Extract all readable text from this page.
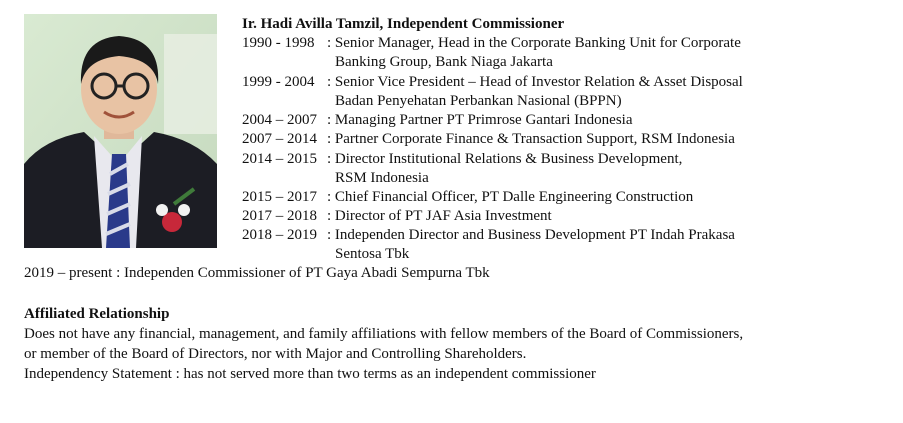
Ir. Hadi Avilla Tamzil, Independent Commissioner
1990 - 1998 : Senior Manager, Head in the Corporate Banking Unit for Corporate
Banking Group, Bank Niaga Jakarta
1999 - 2004 : Senior Vice President – Head of Investor Relation & Asset Disposal
Badan Penyehatan Perbankan Nasional (BPPN)
2004 – 2007 : Managing Partner PT Primrose Gantari Indonesia
2007 – 2014 : Partner Corporate Finance & Transaction Support, RSM Indonesia
2014 – 2015 : Director Institutional Relations & Business Development,
RSM Indonesia
2015 – 2017 : Chief Financial Officer, PT Dalle Engineering Construction
2017 – 2018 : Director of PT JAF Asia Investment
2018 – 2019 : Independen Director and Business Development PT Indah Prakasa
Sentosa Tbk
2019 – present : Independen Commissioner of PT Gaya Abadi Sempurna Tbk
Affiliated Relationship
Does not have any financial, management, and family affiliations with fellow members of the Board of Commissioners,
or member of the Board of Directors, nor with Major and Controlling Shareholders.
Independency Statement : has not served more than two terms as an independent commissioner
